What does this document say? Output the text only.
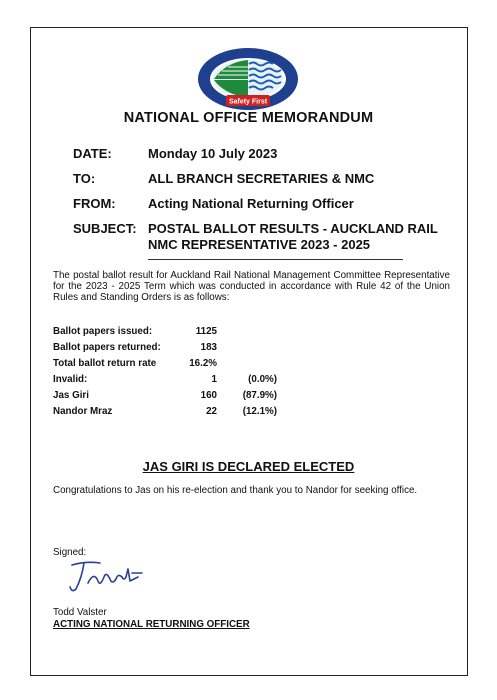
Safety First
NATIONAL OFFICE MEMORANDUM
DATE:	Monday 10 July 2023
TO:	ALL BRANCH SECRETARIES & NMC
FROM: Acting National Returning Officer
SUBJECT: POSTAL BALLOT RESULTS - AUCKLAND RAIL
NMC REPRESENTATIVE 2023 - 2025
The postal ballot result for Auckland Rail National Management Committee Representative for the 2023 - 2025 Term which was conducted in accordance with Rule 42 of the Union Rules and Standing Orders is as follows:
Ballot papers issued:	1125
Ballot papers returned:	183
Total ballot return rate	16.2%
Invalid:	1	(0.0%)
Jas Giri	160	(87.9%)
Nandor Mraz	22	(12.1%)
JAS GIRI IS DECLARED ELECTED
Congratulations to Jas on his re-election and thank you to Nandor for seeking office.
Signed:
Todd Valster
ACTING NATIONAL RETURNING OFFICER
